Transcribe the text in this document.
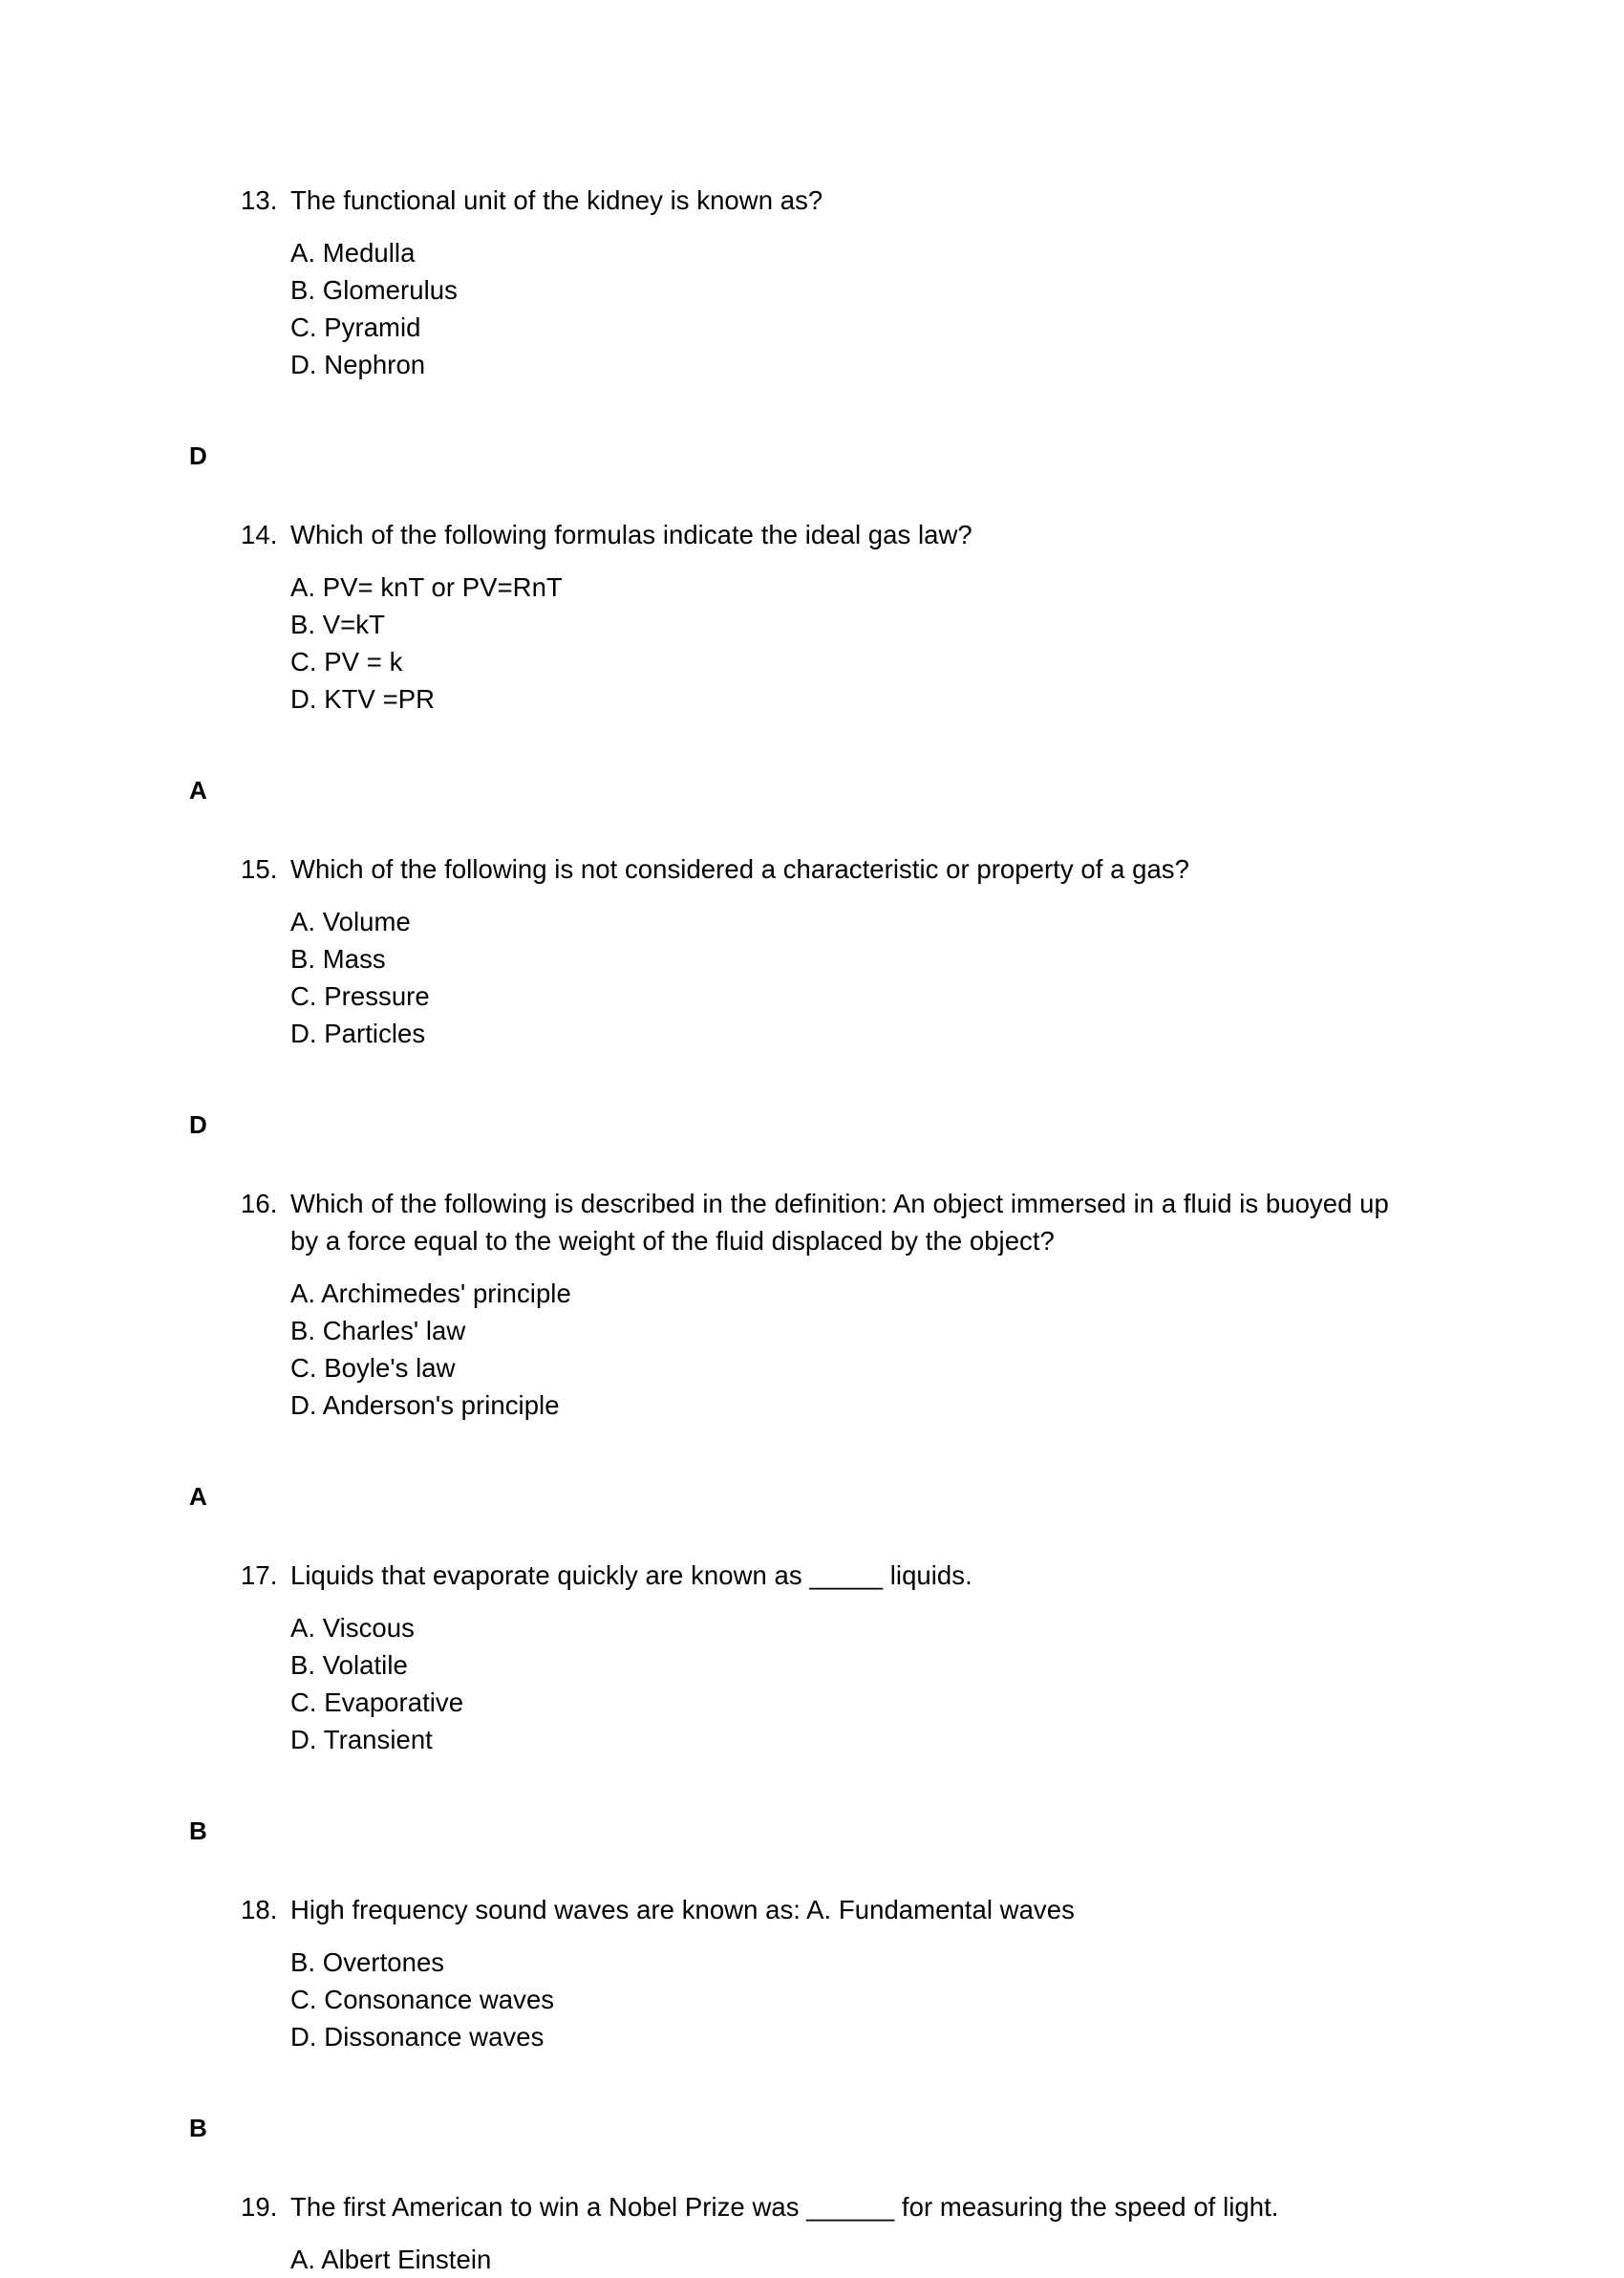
13. The functional unit of the kidney is known as?
A. Medulla
B. Glomerulus
C. Pyramid
D. Nephron
D
14. Which of the following formulas indicate the ideal gas law?
A. PV= knT or PV=RnT
B. V=kT
C. PV = k
D. KTV =PR
A
15. Which of the following is not considered a characteristic or property of a gas?
A. Volume
B. Mass
C. Pressure
D. Particles
D
16. Which of the following is described in the definition: An object immersed in a fluid is buoyed up by a force equal to the weight of the fluid displaced by the object?
A. Archimedes' principle
B. Charles' law
C. Boyle's law
D. Anderson's principle
A
17. Liquids that evaporate quickly are known as _____ liquids.
A. Viscous
B. Volatile
C. Evaporative
D. Transient
B
18. High frequency sound waves are known as: A. Fundamental waves
B. Overtones
C. Consonance waves
D. Dissonance waves
B
19. The first American to win a Nobel Prize was ______ for measuring the speed of light.
A. Albert Einstein
